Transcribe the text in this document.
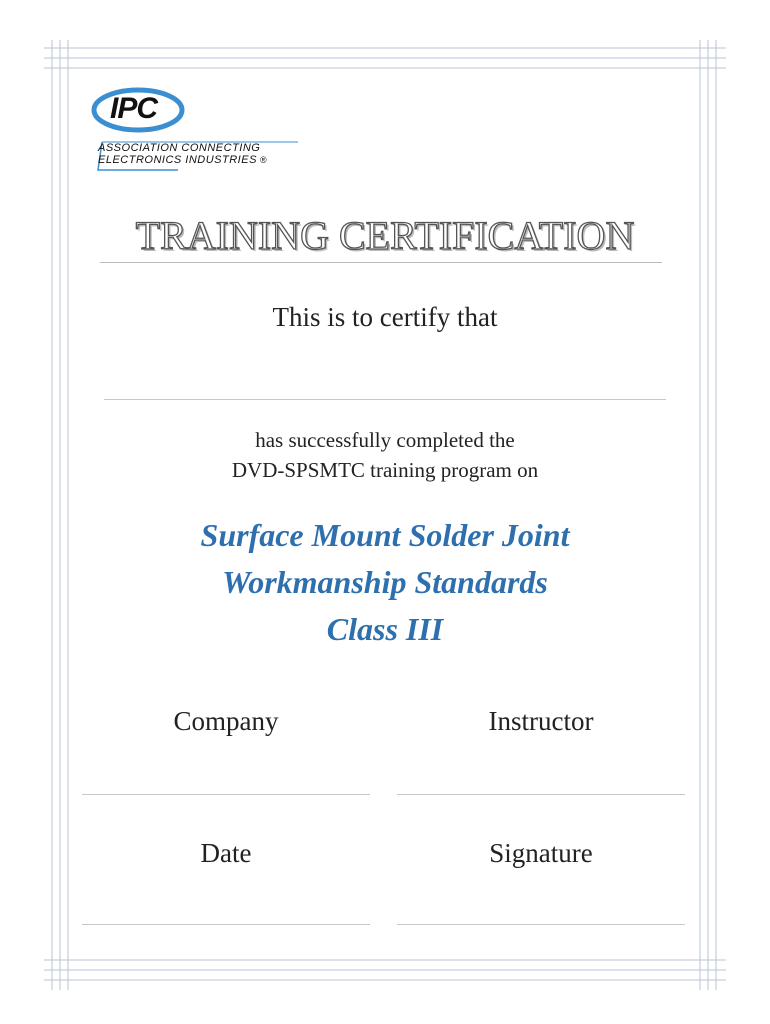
IPC
ASSOCIATION CONNECTING
ELECTRONICS INDUSTRIES ®
TRAINING CERTIFICATION
This is to certify that
has successfully completed the
DVD-SPSMTC training program on
Surface Mount Solder Joint
Workmanship Standards
Class III
Company	Instructor
Date	Signature
